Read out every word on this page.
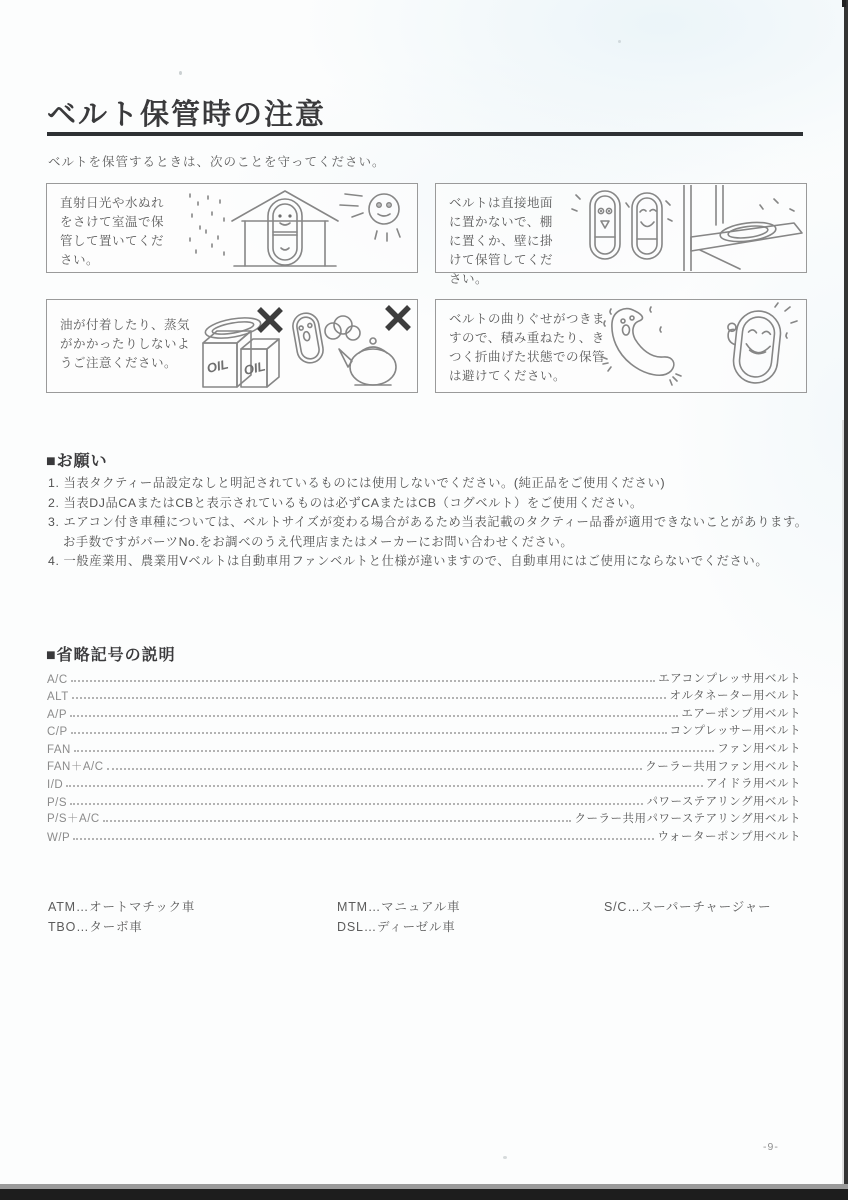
ベルト保管時の注意
ベルトを保管するときは、次のことを守ってください。
直射日光や水ぬれをさけて室温で保管して置いてください。
ベルトは直接地面に置かないで、棚に置くか、壁に掛けて保管してください。
油が付着したり、蒸気がかかったりしないようご注意ください。	OIL OIL
ベルトの曲りぐせがつきますので、積み重ねたり、きつく折曲げた状態での保管は避けてください。
■お願い
1. 当表タクティー品設定なしと明記されているものには使用しないでください。(純正品をご使用ください)
2. 当表DJ品CAまたはCBと表示されているものは必ずCAまたはCB（コグベルト）をご使用ください。
3. エアコン付き車種については、ベルトサイズが変わる場合があるため当表記載のタクティー品番が適用できないことがあります。
お手数ですがパーツNo.をお調べのうえ代理店またはメーカーにお問い合わせください。
4. 一般産業用、農業用Vベルトは自動車用ファンベルトと仕様が違いますので、自動車用にはご使用にならないでください。
■省略記号の説明
A/C	エアコンプレッサ用ベルト
ALT	オルタネーター用ベルト
A/P	エアーポンプ用ベルト
C/P	コンプレッサー用ベルト
FAN	ファン用ベルト
FAN＋A/C	クーラー共用ファン用ベルト
I/D	アイドラ用ベルト
P/S	パワーステアリング用ベルト
P/S＋A/C	クーラー共用パワーステアリング用ベルト
W/P	ウォーターポンプ用ベルト
ATM…オートマチック車
TBO…ターボ車
MTM…マニュアル車
DSL…ディーゼル車
S/C…スーパーチャージャー
-9-
